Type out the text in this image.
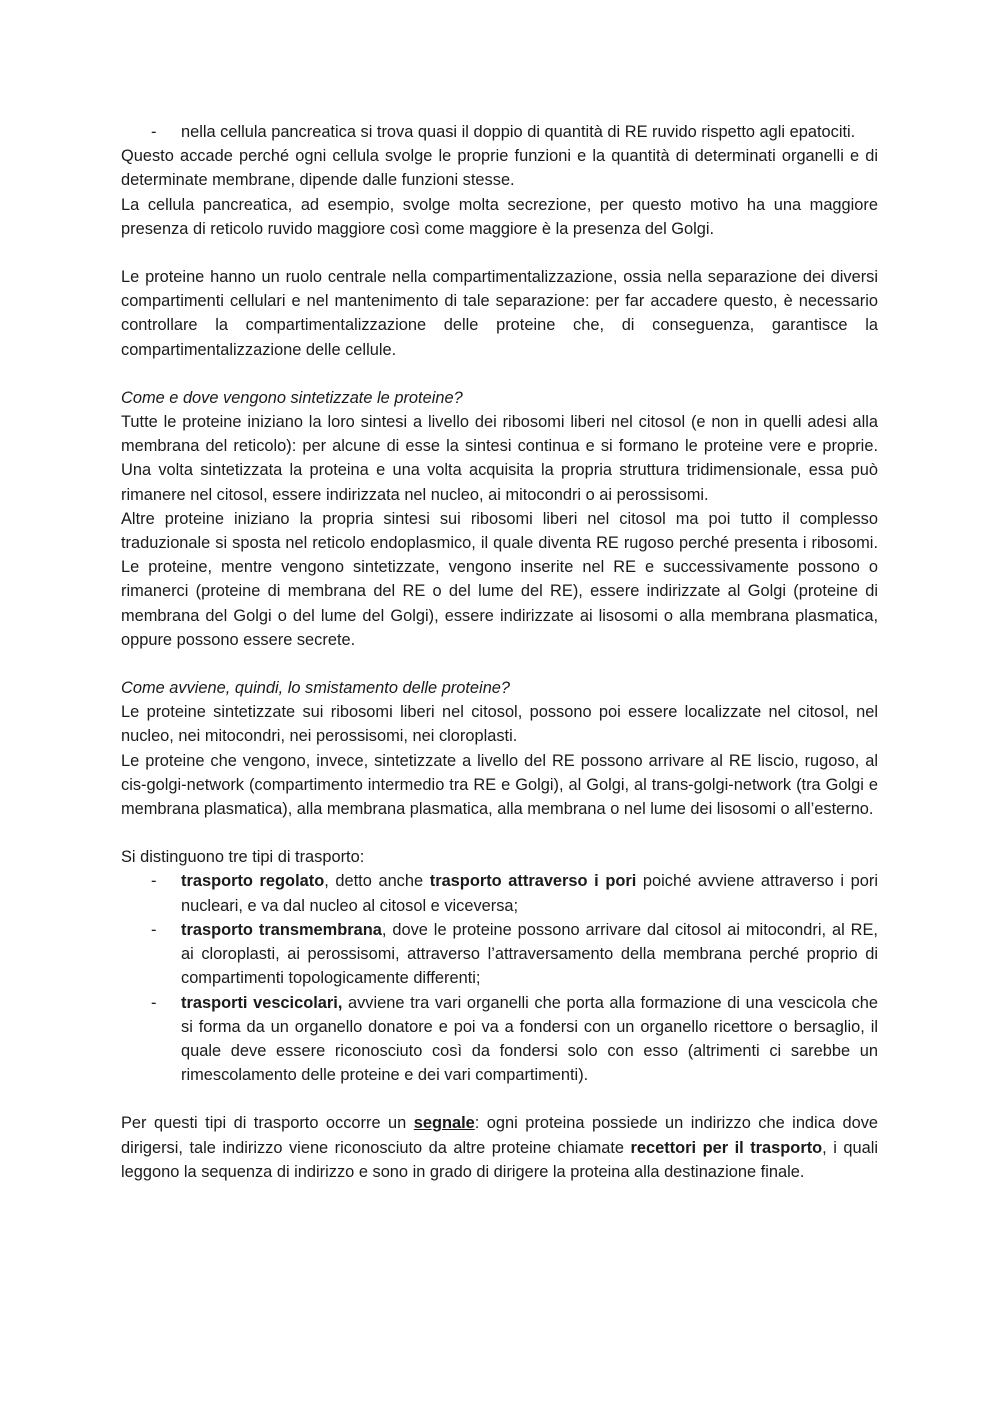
- nella cellula pancreatica si trova quasi il doppio di quantità di RE ruvido rispetto agli epatociti.

Questo accade perché ogni cellula svolge le proprie funzioni e la quantità di determinati organelli e di determinate membrane, dipende dalle funzioni stesse.

La cellula pancreatica, ad esempio, svolge molta secrezione, per questo motivo ha una maggiore presenza di reticolo ruvido maggiore così come maggiore è la presenza del Golgi.

Le proteine hanno un ruolo centrale nella compartimentalizzazione, ossia nella separazione dei diversi compartimenti cellulari e nel mantenimento di tale separazione: per far accadere questo, è necessario controllare la compartimentalizzazione delle proteine che, di conseguenza, garantisce la compartimentalizzazione delle cellule.

Come e dove vengono sintetizzate le proteine?

Tutte le proteine iniziano la loro sintesi a livello dei ribosomi liberi nel citosol (e non in quelli adesi alla membrana del reticolo): per alcune di esse la sintesi continua e si formano le proteine vere e proprie. Una volta sintetizzata la proteina e una volta acquisita la propria struttura tridimensionale, essa può rimanere nel citosol, essere indirizzata nel nucleo, ai mitocondri o ai perossisomi.

Altre proteine iniziano la propria sintesi sui ribosomi liberi nel citosol ma poi tutto il complesso traduzionale si sposta nel reticolo endoplasmico, il quale diventa RE rugoso perché presenta i ribosomi. Le proteine, mentre vengono sintetizzate, vengono inserite nel RE e successivamente possono o rimanerci (proteine di membrana del RE o del lume del RE), essere indirizzate al Golgi (proteine di membrana del Golgi o del lume del Golgi), essere indirizzate ai lisosomi o alla membrana plasmatica, oppure possono essere secrete.

Come avviene, quindi, lo smistamento delle proteine?

Le proteine sintetizzate sui ribosomi liberi nel citosol, possono poi essere localizzate nel citosol, nel nucleo, nei mitocondri, nei perossisomi, nei cloroplasti.

Le proteine che vengono, invece, sintetizzate a livello del RE possono arrivare al RE liscio, rugoso, al cis-golgi-network (compartimento intermedio tra RE e Golgi), al Golgi, al trans-golgi-network (tra Golgi e membrana plasmatica), alla membrana plasmatica, alla membrana o nel lume dei lisosomi o all’esterno.

Si distinguono tre tipi di trasporto:

- trasporto regolato, detto anche trasporto attraverso i pori poiché avviene attraverso i pori nucleari, e va dal nucleo al citosol e viceversa;
- trasporto transmembrana, dove le proteine possono arrivare dal citosol ai mitocondri, al RE, ai cloroplasti, ai perossisomi, attraverso l’attraversamento della membrana perché proprio di compartimenti topologicamente differenti;
- trasporti vescicolari, avviene tra vari organelli che porta alla formazione di una vescicola che si forma da un organello donatore e poi va a fondersi con un organello ricettore o bersaglio, il quale deve essere riconosciuto così da fondersi solo con esso (altrimenti ci sarebbe un rimescolamento delle proteine e dei vari compartimenti).

Per questi tipi di trasporto occorre un segnale: ogni proteina possiede un indirizzo che indica dove dirigersi, tale indirizzo viene riconosciuto da altre proteine chiamate recettori per il trasporto, i quali leggono la sequenza di indirizzo e sono in grado di dirigere la proteina alla destinazione finale.
